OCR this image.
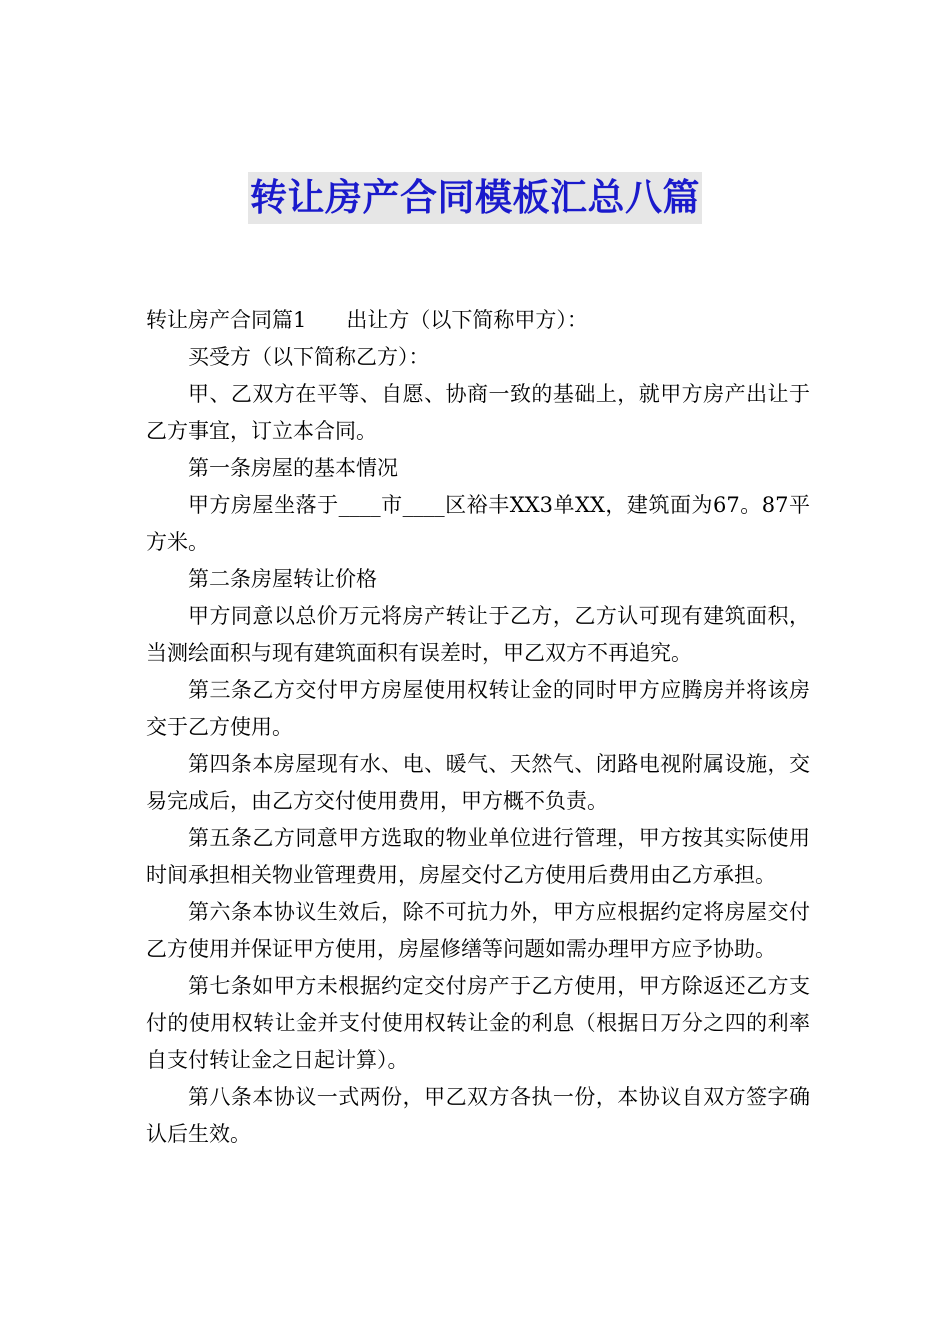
转让房产合同模板汇总八篇

转让房产合同篇1 出让方（以下简称甲方）：

买受方（以下简称乙方）：

甲、乙双方在平等、自愿、协商一致的基础上，就甲方房产出让于乙方事宜，订立本合同。

第一条房屋的基本情况

甲方房屋坐落于____市____区裕丰XX3单XX，建筑面为67。87平方米。

第二条房屋转让价格

甲方同意以总价万元将房产转让于乙方，乙方认可现有建筑面积，当测绘面积与现有建筑面积有误差时，甲乙双方不再追究。

第三条乙方交付甲方房屋使用权转让金的同时甲方应腾房并将该房交于乙方使用。

第四条本房屋现有水、电、暖气、天然气、闭路电视附属设施，交易完成后，由乙方交付使用费用，甲方概不负责。

第五条乙方同意甲方选取的物业单位进行管理，甲方按其实际使用时间承担相关物业管理费用，房屋交付乙方使用后费用由乙方承担。

第六条本协议生效后，除不可抗力外，甲方应根据约定将房屋交付乙方使用并保证甲方使用，房屋修缮等问题如需办理甲方应予协助。

第七条如甲方未根据约定交付房产于乙方使用，甲方除返还乙方支付的使用权转让金并支付使用权转让金的利息（根据日万分之四的利率自支付转让金之日起计算）。

第八条本协议一式两份，甲乙双方各执一份，本协议自双方签字确认后生效。
